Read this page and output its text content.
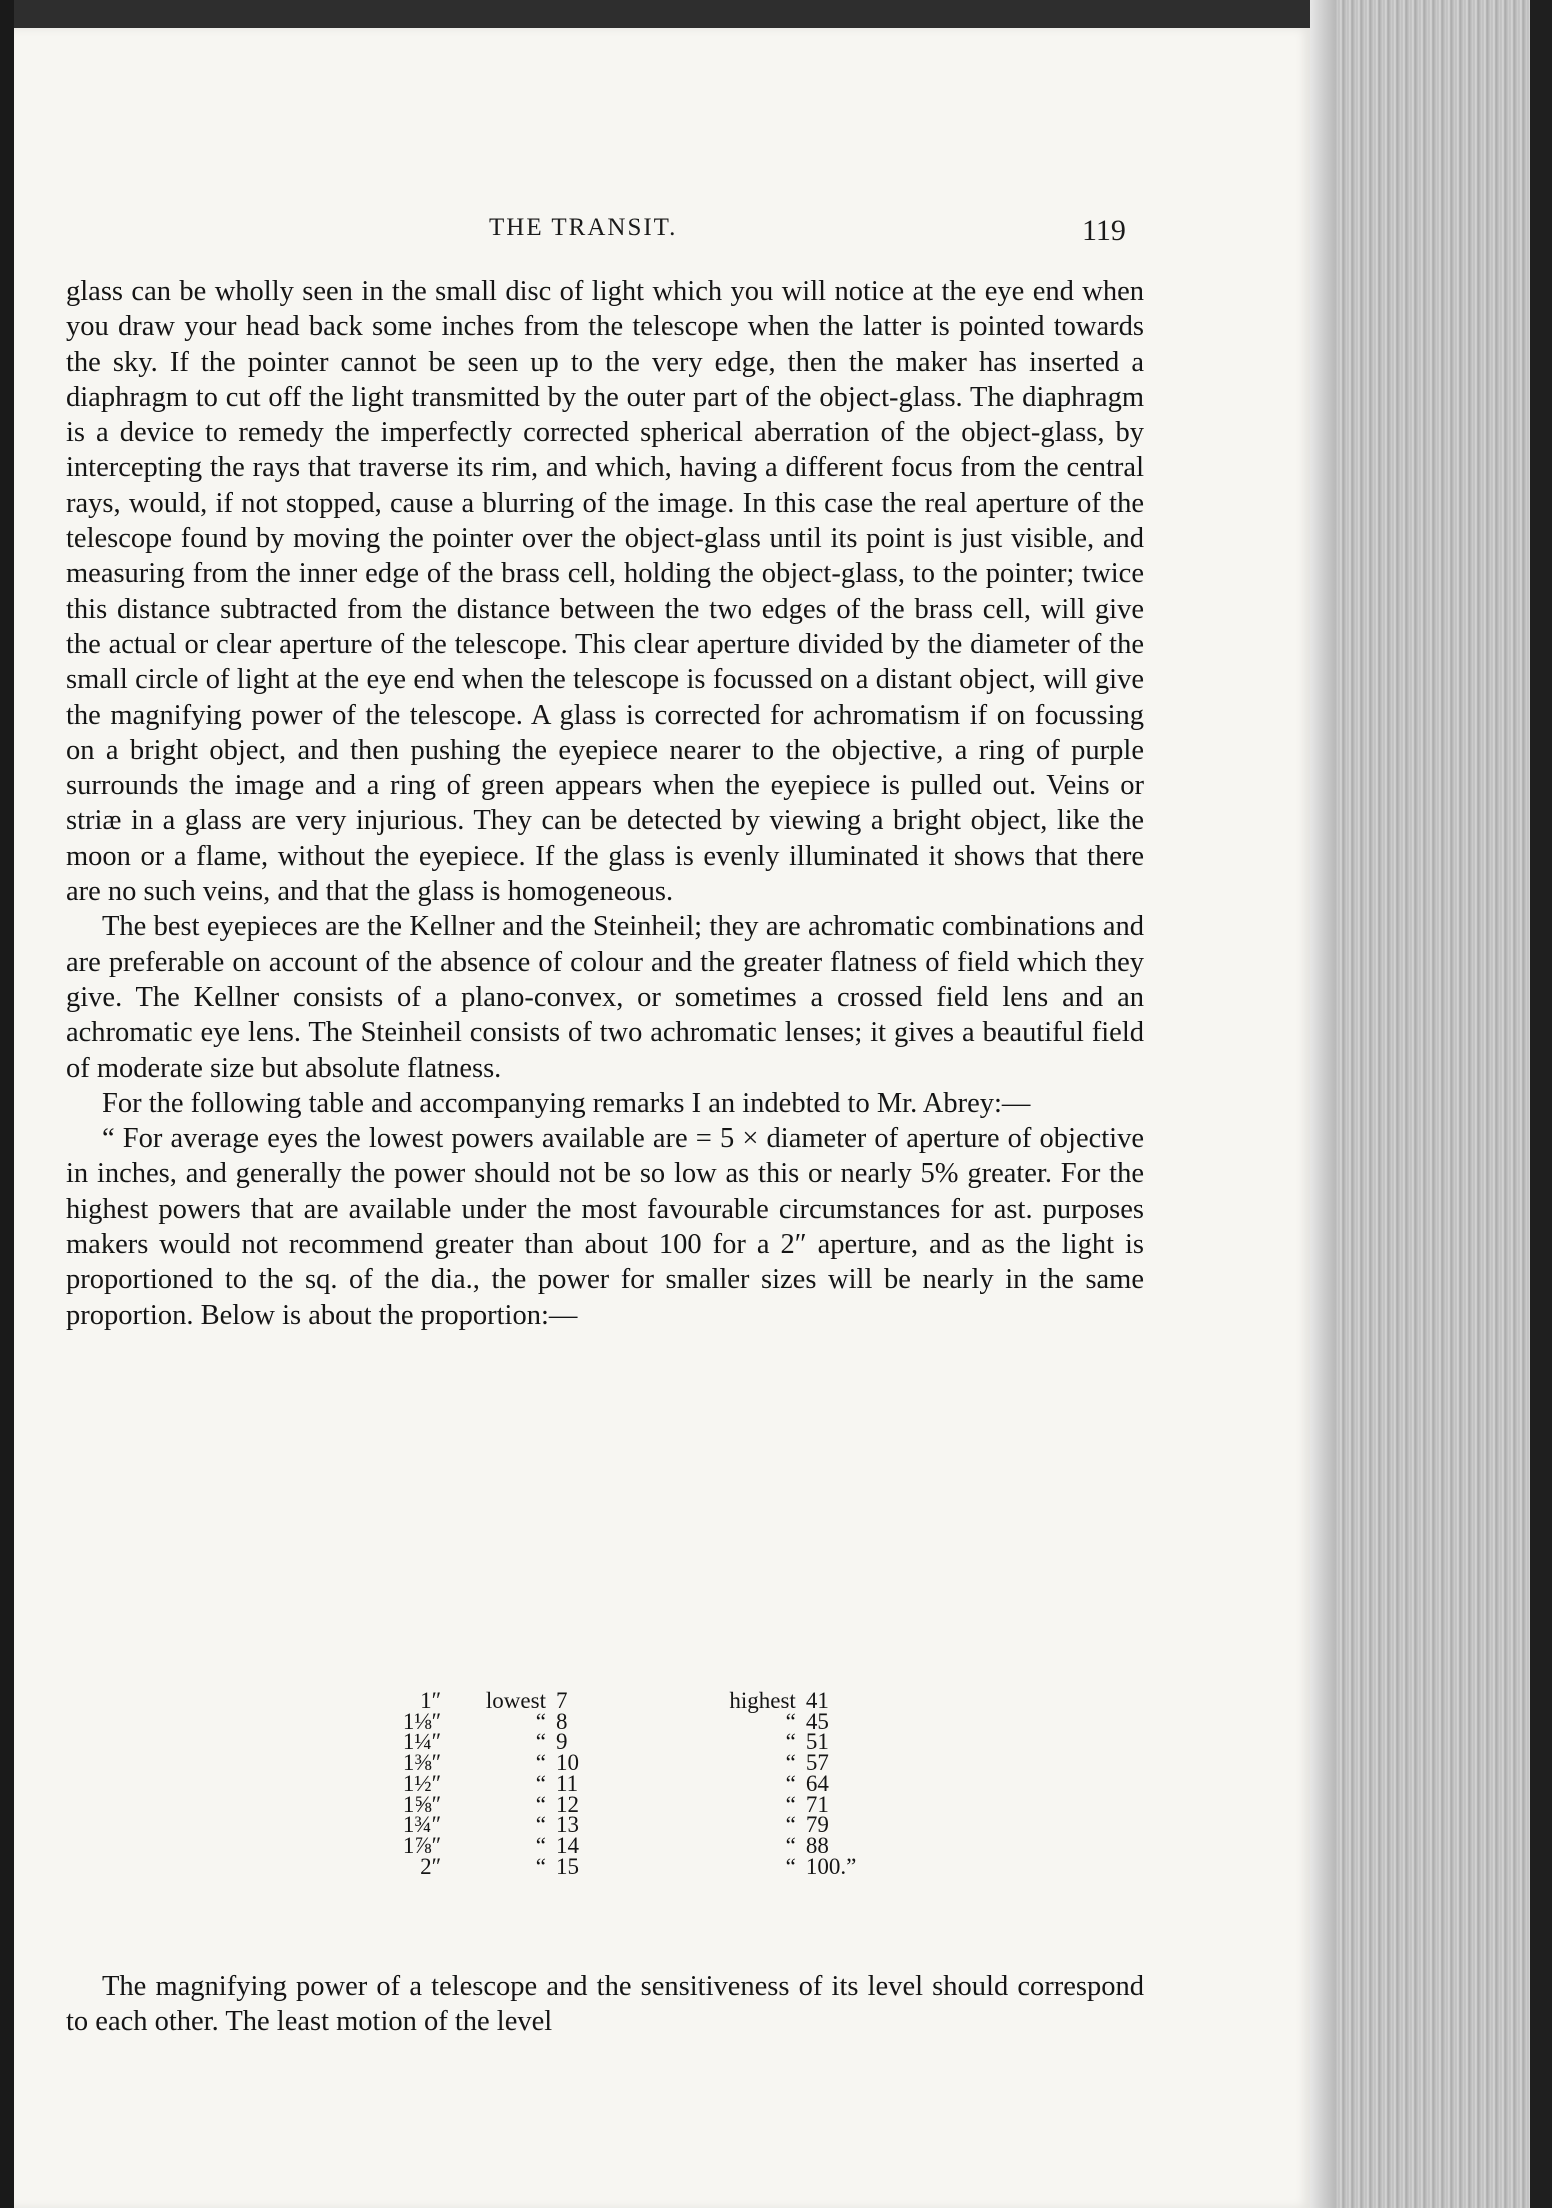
THE TRANSIT.	119

glass can be wholly seen in the small disc of light which you will notice at the eye end when you draw your head back some inches from the telescope when the latter is pointed towards the sky. If the pointer cannot be seen up to the very edge, then the maker has inserted a diaphragm to cut off the light transmitted by the outer part of the object-glass. The diaphragm is a device to remedy the imperfectly corrected spherical aberration of the object-glass, by intercepting the rays that traverse its rim, and which, having a different focus from the central rays, would, if not stopped, cause a blurring of the image. In this case the real aperture of the telescope found by moving the pointer over the object-glass until its point is just visible, and measuring from the inner edge of the brass cell, holding the object-glass, to the pointer; twice this distance subtracted from the distance between the two edges of the brass cell, will give the actual or clear aperture of the telescope. This clear aperture divided by the diameter of the small circle of light at the eye end when the telescope is focussed on a distant object, will give the magnifying power of the telescope. A glass is corrected for achromatism if on focussing on a bright object, and then pushing the eyepiece nearer to the objective, a ring of purple surrounds the image and a ring of green appears when the eyepiece is pulled out. Veins or striæ in a glass are very injurious. They can be detected by viewing a bright object, like the moon or a flame, without the eyepiece. If the glass is evenly illuminated it shows that there are no such veins, and that the glass is homogeneous.

The best eyepieces are the Kellner and the Steinheil; they are achromatic combinations and are preferable on account of the absence of colour and the greater flatness of field which they give. The Kellner consists of a plano-convex, or sometimes a crossed field lens and an achromatic eye lens. The Steinheil consists of two achromatic lenses; it gives a beautiful field of moderate size but absolute flatness.

For the following table and accompanying remarks I an indebted to Mr. Abrey:—

“ For average eyes the lowest powers available are = 5 × diameter of aperture of objective in inches, and generally the power should not be so low as this or nearly 5% greater. For the highest powers that are available under the most favourable circumstances for ast. purposes makers would not recommend greater than about 100 for a 2″ aperture, and as the light is proportioned to the sq. of the dia., the power for smaller sizes will be nearly in the same proportion. Below is about the proportion:—

1″	lowest	7		highest	41
1⅛″	“	8		“	45
1¼″	“	9		“	51
1⅜″	“	10		“	57
1½″	“	11		“	64
1⅝″	“	12		“	71
1¾″	“	13		“	79
1⅞″	“	14		“	88
2″	“	15		“	100.”

The magnifying power of a telescope and the sensitiveness of its level should correspond to each other. The least motion of the level
